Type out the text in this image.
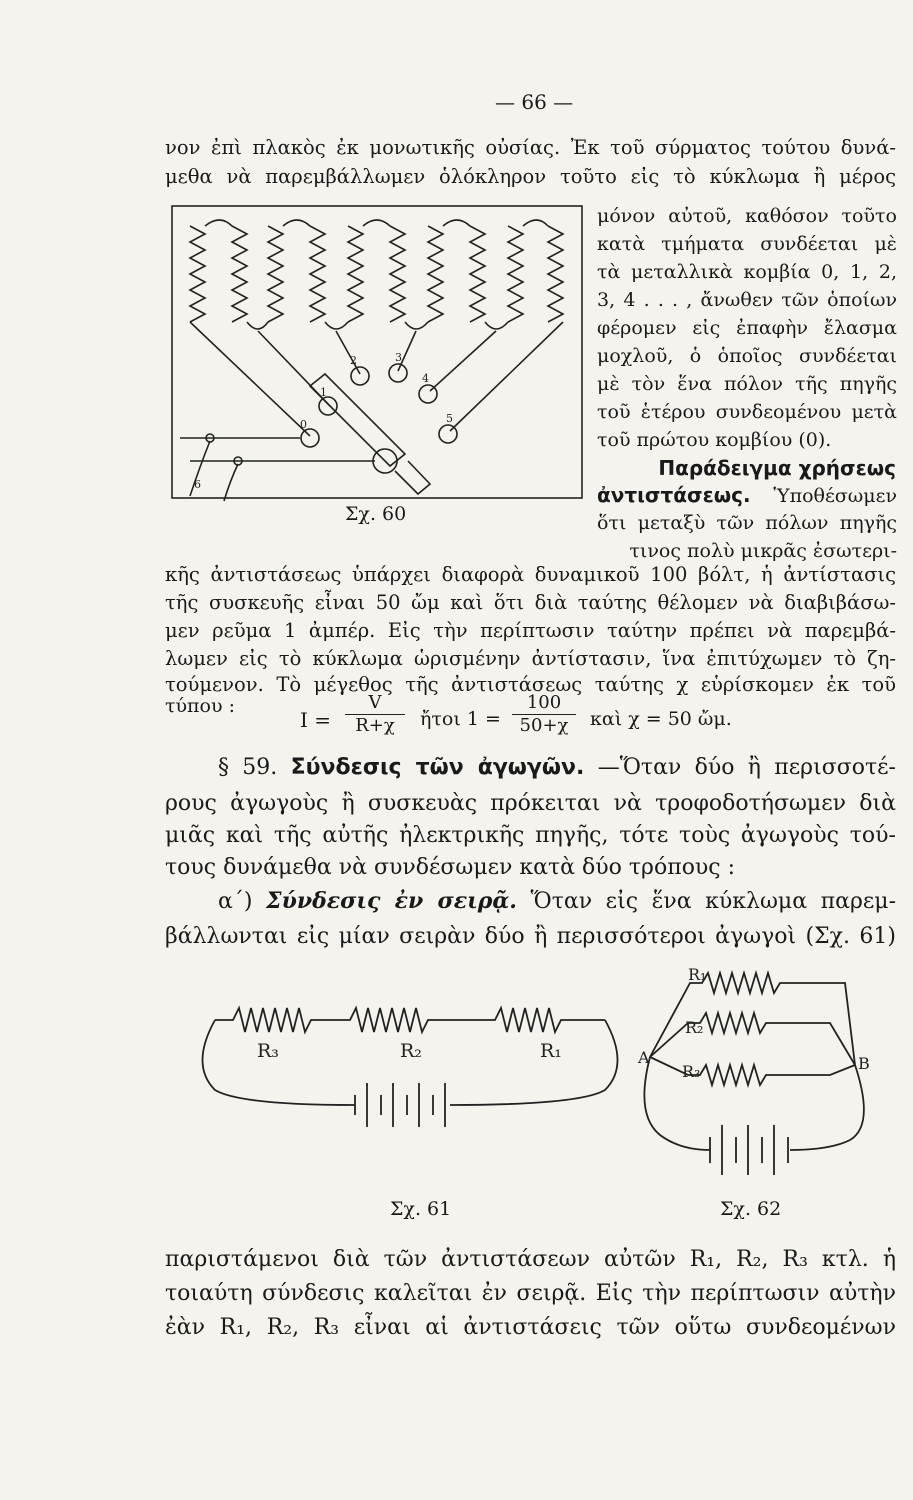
— 66 —
νον ἐπὶ πλακὸς ἐκ μονωτικῆς οὐσίας. Ἐκ τοῦ σύρματος τούτου δυνά-
μεθα νὰ παρεμβάλλωμεν ὁλόκληρον τοῦτο εἰς τὸ κύκλωμα ἢ μέρος
0
1
2	3
4
5
6
Σχ. 60
μόνον αὐτοῦ, καθόσον τοῦτο
κατὰ τμήματα συνδέεται μὲ
τὰ μεταλλικὰ κομβία 0, 1, 2,
3, 4 . . . , ἄνωθεν τῶν ὁποίων
φέρομεν εἰς ἐπαφὴν ἔλασμα
μοχλοῦ, ὁ ὁποῖος συνδέεται
μὲ τὸν ἕνα πόλον τῆς πηγῆς
τοῦ ἑτέρου συνδεομένου μετὰ
τοῦ πρώτου κομβίου (0).
Παράδειγμα χρήσεως
ἀντιστάσεως. Ὑποθέσωμεν
ὅτι μεταξὺ τῶν πόλων πηγῆς
τινος πολὺ μικρᾶς ἐσωτερι-
κῆς ἀντιστάσεως ὑπάρχει διαφορὰ δυναμικοῦ 100 βόλτ, ἡ ἀντίστασις
τῆς συσκευῆς εἶναι 50 ὤμ καὶ ὅτι διὰ ταύτης θέλομεν νὰ διαβιβάσω-
μεν ρεῦμα 1 ἀμπέρ. Εἰς τὴν περίπτωσιν ταύτην πρέπει νὰ παρεμβά-
λωμεν εἰς τὸ κύκλωμα ὡρισμένην ἀντίστασιν, ἵνα ἐπιτύχωμεν τὸ ζη-
τούμενον. Τὸ μέγεθος τῆς ἀντιστάσεως ταύτης χ εὑρίσκομεν ἐκ τοῦ
τύπου :
$I = \frac{V}{R+\chi}$ ἤτοι $1 = \frac{100}{50+\chi}$ καὶ χ = 50 ὤμ.
§ 59. Σύνδεσις τῶν ἀγωγῶν. —Ὅταν δύο ἢ περισσοτέ-
ρους ἀγωγοὺς ἢ συσκευὰς πρόκειται νὰ τροφοδοτήσωμεν διὰ
μιᾶς καὶ τῆς αὐτῆς ἠλεκτρικῆς πηγῆς, τότε τοὺς ἀγωγοὺς τού-
τους δυνάμεθα νὰ συνδέσωμεν κατὰ δύο τρόπους :
α΄) Σύνδεσις ἐν σειρᾷ. Ὅταν εἰς ἕνα κύκλωμα παρεμ-
βάλλωνται εἰς μίαν σειρὰν δύο ἢ περισσότεροι ἀγωγοὶ (Σχ. 61)
R₃	R₂	R₁
Σχ. 61
R₁
R₂
R₃
A	B
Σχ. 62
παριστάμενοι διὰ τῶν ἀντιστάσεων αὐτῶν R₁, R₂, R₃ κτλ. ἡ
τοιαύτη σύνδεσις καλεῖται ἐν σειρᾷ. Εἰς τὴν περίπτωσιν αὐτὴν
ἐὰν R₁, R₂, R₃ εἶναι αἱ ἀντιστάσεις τῶν οὕτω συνδεομένων
